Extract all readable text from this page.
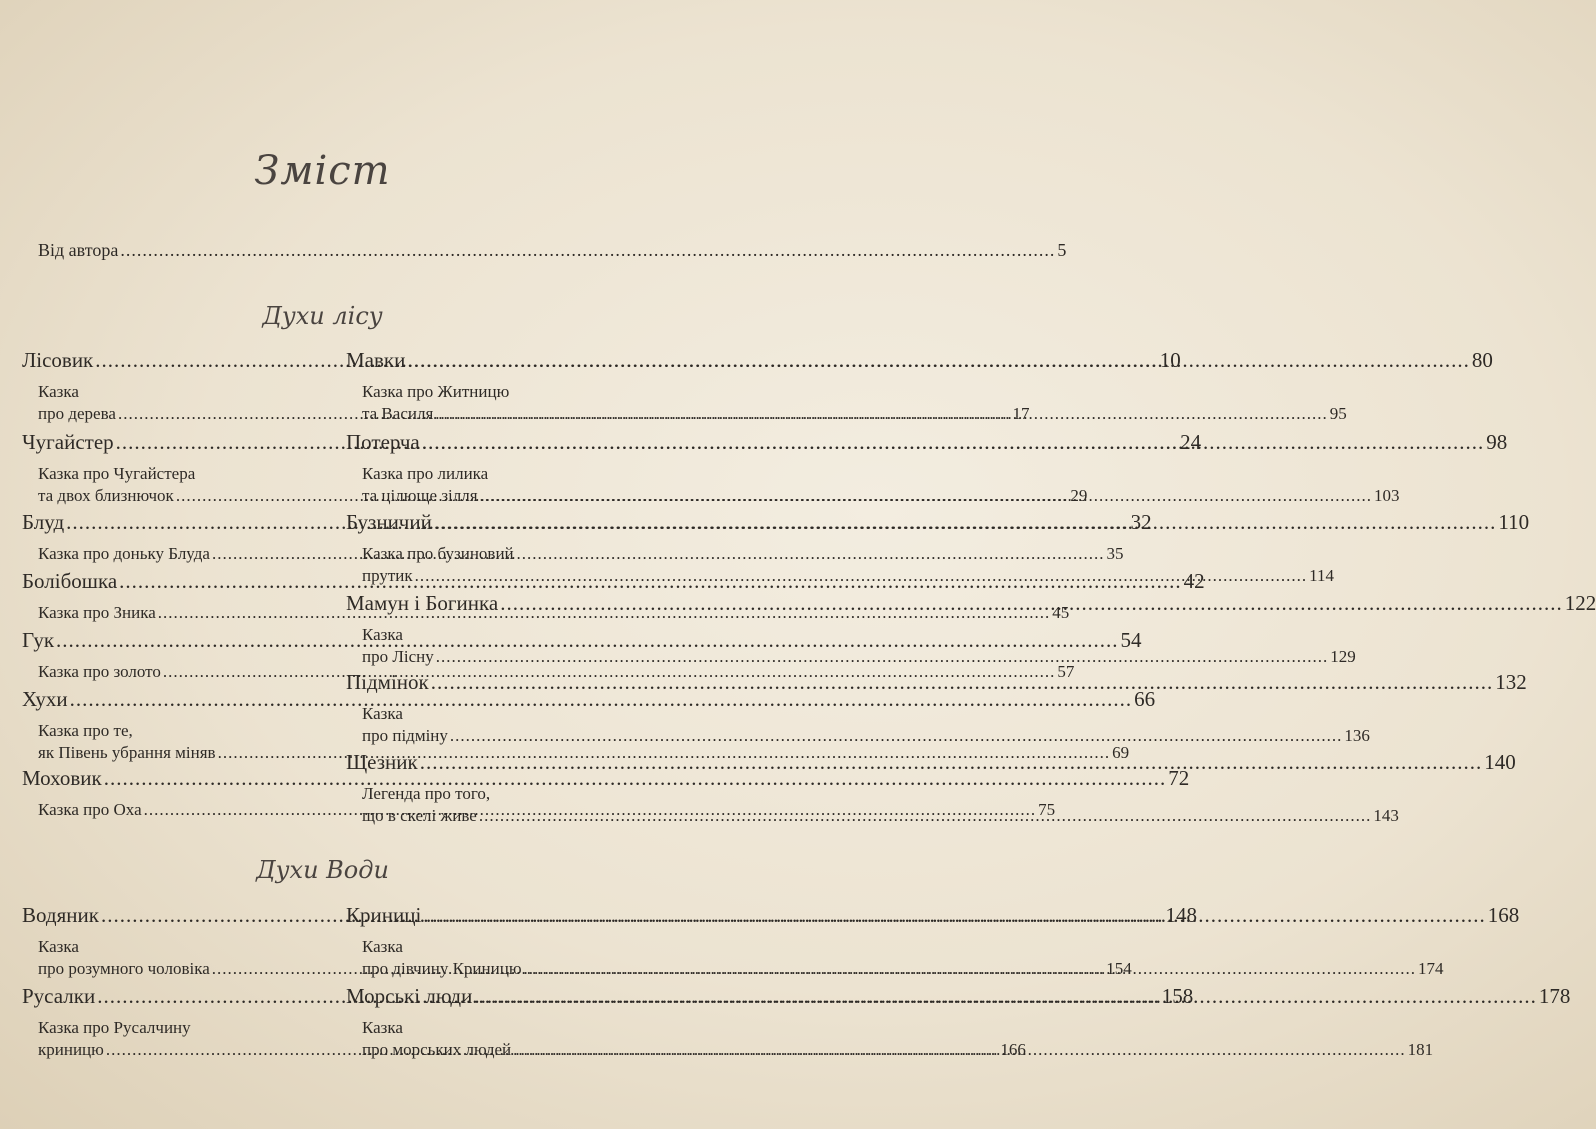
Зміст
Від автора .....	5
Духи лісу
Духи Води
Лісовик .....	10
Казка
про дерева .....	17
Чугайстер .....	24
Казка про Чугайстера
та двох близнючок .....	29
Блуд .....	32
Казка про доньку Блуда .....	35
Болібошка .....	42
Казка про Зника .....	45
Гук .....	54
Казка про золото .....	57
Хухи .....	66
Казка про те,
як Півень убрання міняв .....	69
Моховик .....	72
Казка про Оха .....	75
Мавки .....	80
Казка про Житницю
та Василя .....	95
Потерча .....	98
Казка про лилика
та цілюще зілля .....	103
Бузничий .....	110
Казка про бузиновий
прутик .....	114
Мамун і Богинка .....	122
Казка
про Лісну .....	129
Підмінок .....	132
Казка
про підміну .....	136
Щезник .....	140
Легенда про того,
що в скелі живе .....	143
Водяник .....	148
Казка
про розумного чоловіка .....	154
Русалки .....	158
Казка про Русалчину
криницю .....	166
Криниці .....	168
Казка
про дівчину Криницю .....	174
Морські люди .....	178
Казка
про морських людей .....	181
